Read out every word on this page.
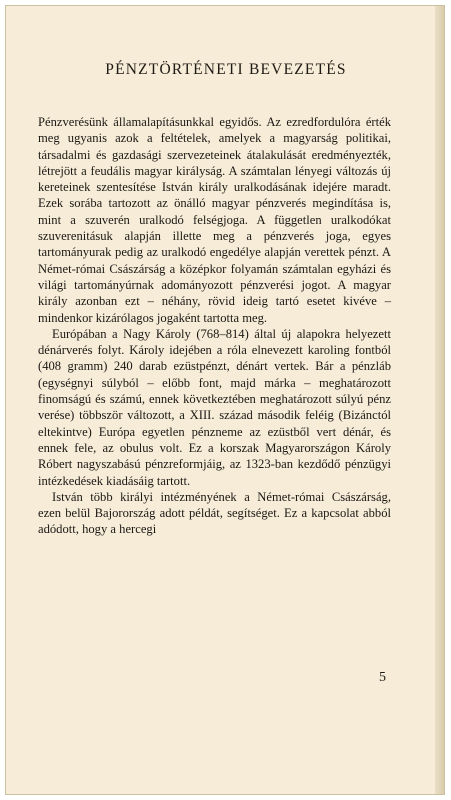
PÉNZTÖRTÉNETI BEVEZETÉS

Pénzverésünk államalapításunkkal egyidős. Az ezredfordulóra érték meg ugyanis azok a feltételek, amelyek a magyarság politikai, társadalmi és gazdasági szervezeteinek átalakulását eredményezték, létrejött a feudális magyar királyság. A számtalan lényegi változás új kereteinek szentesítése István király uralkodásának idejére maradt. Ezek sorába tartozott az önálló magyar pénzverés megindítása is, mint a szuverén uralkodó felségjoga. A független uralkodókat szuverenitásuk alapján illette meg a pénzverés joga, egyes tartományurak pedig az uralkodó engedélye alapján verettek pénzt. A Német-római Császárság a középkor folyamán számtalan egyházi és világi tartományúrnak adományozott pénzverési jogot. A magyar király azonban ezt – néhány, rövid ideig tartó esetet kivéve – mindenkor kizárólagos jogaként tartotta meg.

Európában a Nagy Károly (768–814) által új alapokra helyezett dénárverés folyt. Károly idejében a róla elnevezett karoling fontból (408 gramm) 240 darab ezüstpénzt, dénárt vertek. Bár a pénzláb (egységnyi súlyból – előbb font, majd márka – meghatározott finomságú és számú, ennek következtében meghatározott súlyú pénz verése) többször változott, a XIII. század második feléig (Bizánctól eltekintve) Európa egyetlen pénzneme az ezüstből vert dénár, és ennek fele, az obulus volt. Ez a korszak Magyarországon Károly Róbert nagyszabású pénzreformjáig, az 1323-ban kezdődő pénzügyi intézkedések kiadásáig tartott.

István több királyi intézményének a Német-római Császárság, ezen belül Bajorország adott példát, segítséget. Ez a kapcsolat abból adódott, hogy a hercegi

5
